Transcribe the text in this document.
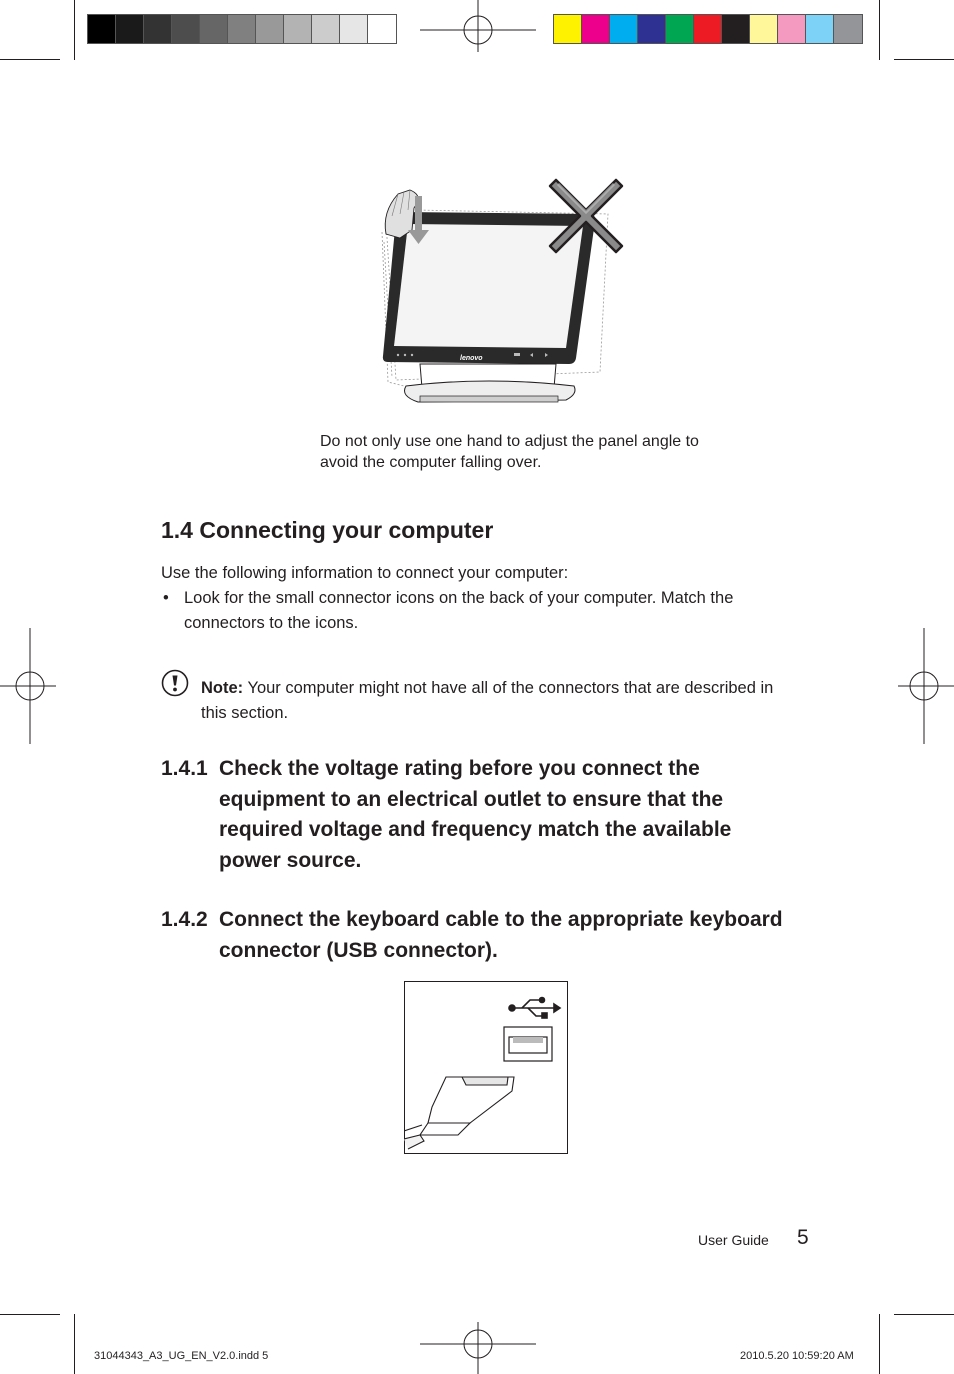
lenovo
Do not only use one hand to adjust the panel angle to avoid the computer falling over.
1.4 Connecting your computer
Use the following information to connect your computer:
• Look for the small connector icons on the back of your computer. Match the connectors to the icons.
Note: Your computer might not have all of the connectors that are described in this section.
1.4.1 Check the voltage rating before you connect the equipment to an electrical outlet to ensure that the required voltage and frequency match the available power source.
1.4.2 Connect the keyboard cable to the appropriate keyboard connector (USB connector).
User Guide 5
31044343_A3_UG_EN_V2.0.indd 5	2010.5.20 10:59:20 AM
